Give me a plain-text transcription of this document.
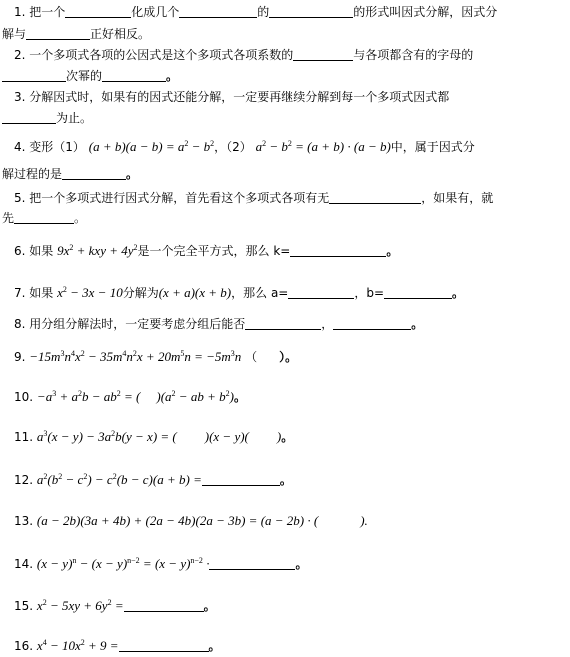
1. 把一个	化成几个	的	的形式叫因式分解，因式分
解与	正好相反。
2. 一个多项式各项的公因式是这个多项式各项系数的	与各项都含有的字母的
次幂的	。
3. 分解因式时，如果有的因式还能分解，一定要再继续分解到每一个多项式因式都
为止。
4. 变形（1） $(a + b)(a - b) = a^2 - b^2$，（2） $a^2 - b^2 = (a + b) \cdot (a - b)$中，属于因式分
解过程的是	。
5. 把一个多项式进行因式分解，首先看这个多项式各项有无	，如果有，就
先	。
6. 如果 $9x^2$ + kxy + $4y^2$是一个完全平方式，那么 k=	。
7. 如果 $x^2 - 3x - 10$分解为(x + a)(x + b)，那么 a=	，b=	。
8. 用分组分解法时，一定要考虑分组后能否	，	。
9. $-15m^3n^4x^2 - 35m^4n^2x + 20m^5n = -5m^3n$ （ ）。
10. $-a^3 + a^2b - ab^2$ = ( )($a^2$ − ab + $b^2$)。
11. $a^3(x - y) - 3a^2b(y - x)$ = ( )(x − y)( )。
12. $a^2(b^2 - c^2) - c^2(b - c)(a + b)$ =	。
13. (a − 2b)(3a + 4b) + (2a − 4b)(2a − 3b) = (a − 2b) · (	).
14. $(x - y)^n - (x - y)^{n-2} = (x - y)^{n-2}$ ·	。
15. $x^2 - 5xy + 6y^2$ =	。
16. $x^4 - 10x^2 + 9$ =	。
